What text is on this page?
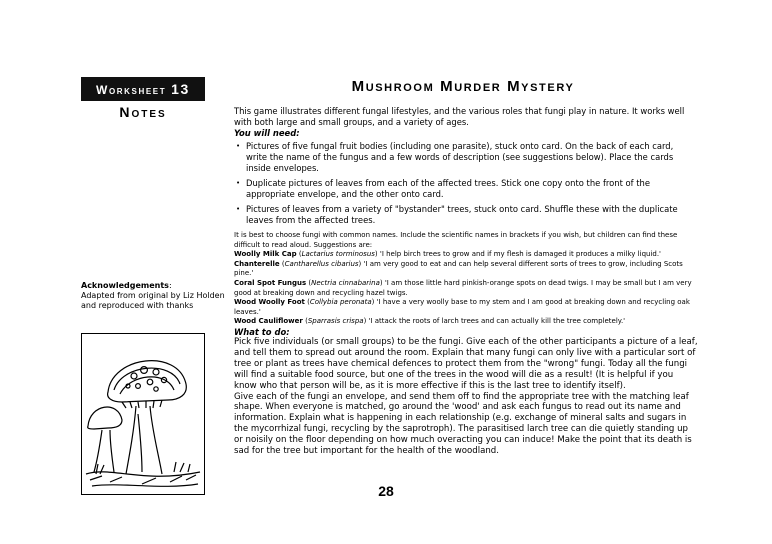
Worksheet 13
Notes
Mushroom Murder Mystery
This game illustrates different fungal lifestyles, and the various roles that fungi play in nature. It works well with both large and small groups, and a variety of ages.
You will need:
• Pictures of five fungal fruit bodies (including one parasite), stuck onto card. On the back of each card, write the name of the fungus and a few words of description (see suggestions below). Place the cards inside envelopes.
• Duplicate pictures of leaves from each of the affected trees. Stick one copy onto the front of the appropriate envelope, and the other onto card.
• Pictures of leaves from a variety of "bystander" trees, stuck onto card. Shuffle these with the duplicate leaves from the affected trees.

It is best to choose fungi with common names. Include the scientific names in brackets if you wish, but children can find these difficult to read aloud. Suggestions are:

Woolly Milk Cap (Lactarius torminosus) 'I help birch trees to grow and if my flesh is damaged it produces a milky liquid.'

Chanterelle (Cantharellus cibarius) 'I am very good to eat and can help several different sorts of trees to grow, including Scots pine.'

Coral Spot Fungus (Nectria cinnabarina) 'I am those little hard pinkish-orange spots on dead twigs. I may be small but I am very good at breaking down and recycling hazel twigs.

Wood Woolly Foot (Collybia peronata) 'I have a very woolly base to my stem and I am good at breaking down and recycling oak leaves.'

Wood Cauliflower (Sparrasis crispa) 'I attack the roots of larch trees and can actually kill the tree completely.'

What to do:

Pick five individuals (or small groups) to be the fungi. Give each of the other participants a picture of a leaf, and tell them to spread out around the room. Explain that many fungi can only live with a particular sort of tree or plant as trees have chemical defences to protect them from the "wrong" fungi. Today all the fungi will find a suitable food source, but one of the trees in the wood will die as a result! (It is helpful if you know who that person will be, as it is more effective if this is the last tree to identify itself).

Give each of the fungi an envelope, and send them off to find the appropriate tree with the matching leaf shape. When everyone is matched, go around the 'wood' and ask each fungus to read out its name and information. Explain what is happening in each relationship (e.g. exchange of mineral salts and sugars in the mycorrhizal fungi, recycling by the saprotroph). The parasitised larch tree can die quietly standing up or noisily on the floor depending on how much overacting you can induce! Make the point that its death is sad for the tree but important for the health of the woodland.

Acknowledgements:
Adapted from original by Liz Holden and reproduced with thanks
28
